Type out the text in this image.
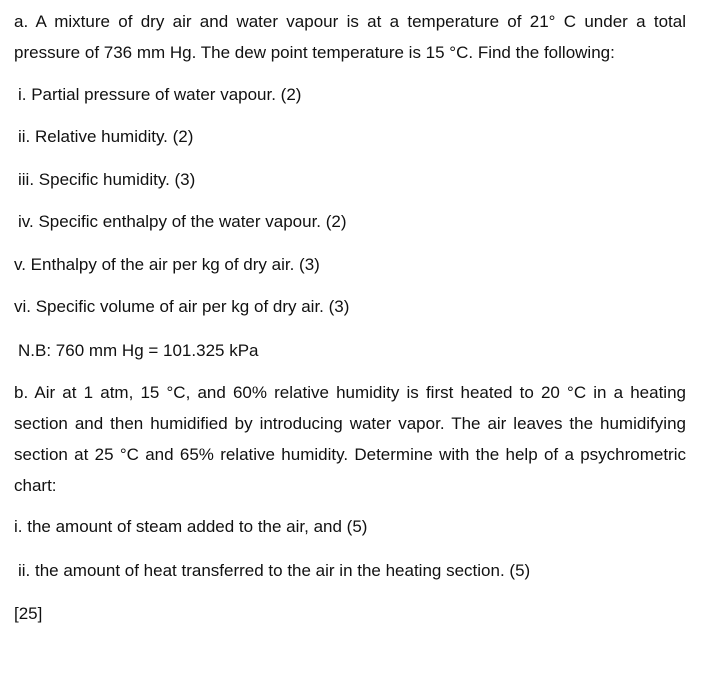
a. A mixture of dry air and water vapour is at a temperature of 21° C under a total pressure of 736 mm Hg. The dew point temperature is 15 °C. Find the following:

i. Partial pressure of water vapour. (2)

ii. Relative humidity. (2)

iii. Specific humidity. (3)

iv. Specific enthalpy of the water vapour. (2)

v. Enthalpy of the air per kg of dry air. (3)

vi. Specific volume of air per kg of dry air. (3)

N.B: 760 mm Hg = 101.325 kPa

b. Air at 1 atm, 15 °C, and 60% relative humidity is first heated to 20 °C in a heating section and then humidified by introducing water vapor. The air leaves the humidifying section at 25 °C and 65% relative humidity. Determine with the help of a psychrometric chart:

i. the amount of steam added to the air, and (5)

ii. the amount of heat transferred to the air in the heating section. (5)

[25]
